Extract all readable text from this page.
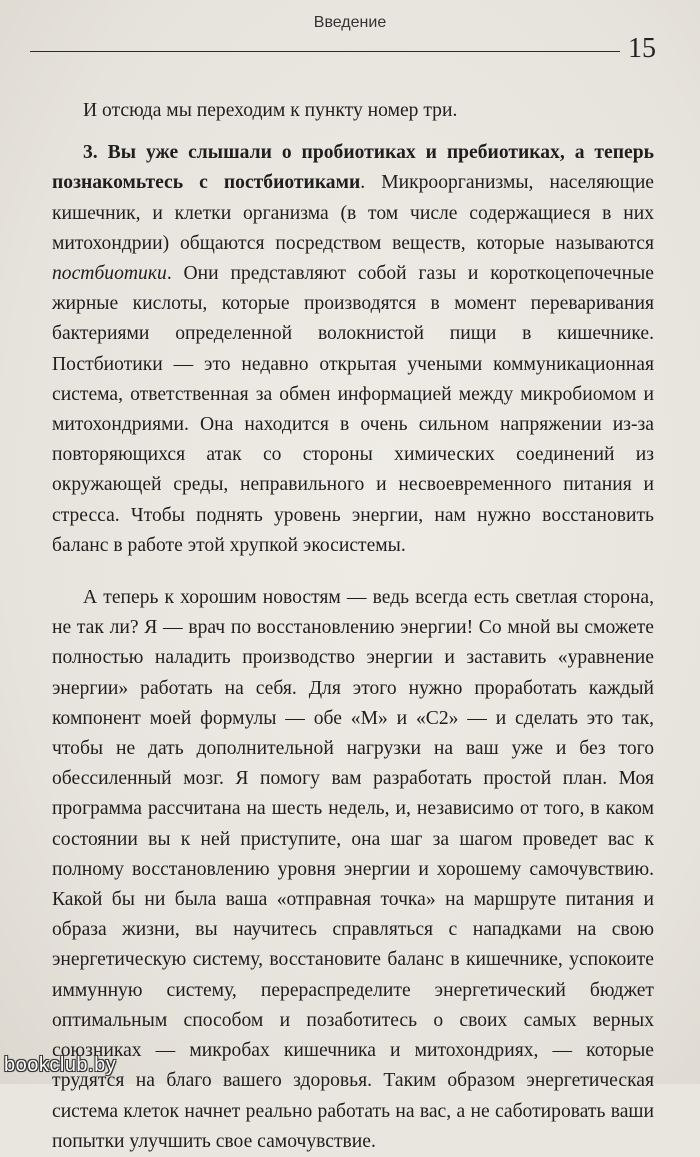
Введение
15

И отсюда мы переходим к пункту номер три.

3. Вы уже слышали о пробиотиках и пребиотиках, а теперь познакомьтесь с постбиотиками. Микроорганизмы, населяющие кишечник, и клетки организма (в том числе содержащиеся в них митохондрии) общаются посредством веществ, которые называются постбиотики. Они представляют собой газы и короткоцепочечные жирные кислоты, которые производятся в момент переваривания бактериями определенной волокнистой пищи в кишечнике. Постбиотики — это недавно открытая учеными коммуникационная система, ответственная за обмен информацией между микробиомом и митохондриями. Она находится в очень сильном напряжении из-за повторяющихся атак со стороны химических соединений из окружающей среды, неправильного и несвоевременного питания и стресса. Чтобы поднять уровень энергии, нам нужно восстановить баланс в работе этой хрупкой экосистемы.

А теперь к хорошим новостям — ведь всегда есть светлая сторона, не так ли? Я — врач по восстановлению энергии! Со мной вы сможете полностью наладить производство энергии и заставить «уравнение энергии» работать на себя. Для этого нужно проработать каждый компонент моей формулы — обе «М» и «С2» — и сделать это так, чтобы не дать дополнительной нагрузки на ваш уже и без того обессиленный мозг. Я помогу вам разработать простой план. Моя программа рассчитана на шесть недель, и, независимо от того, в каком состоянии вы к ней приступите, она шаг за шагом проведет вас к полному восстановлению уровня энергии и хорошему самочувствию. Какой бы ни была ваша «отправная точка» на маршруте питания и образа жизни, вы научитесь справляться с нападками на свою энергетическую систему, восстановите баланс в кишечнике, успокоите иммунную систему, перераспределите энергетический бюджет оптимальным способом и позаботитесь о своих самых верных союзниках — микробах кишечника и митохондриях, — которые трудятся на благо вашего здоровья. Таким образом энергетическая система клеток начнет реально работать на вас, а не саботировать ваши попытки улучшить свое самочувствие.

bookclub.by
